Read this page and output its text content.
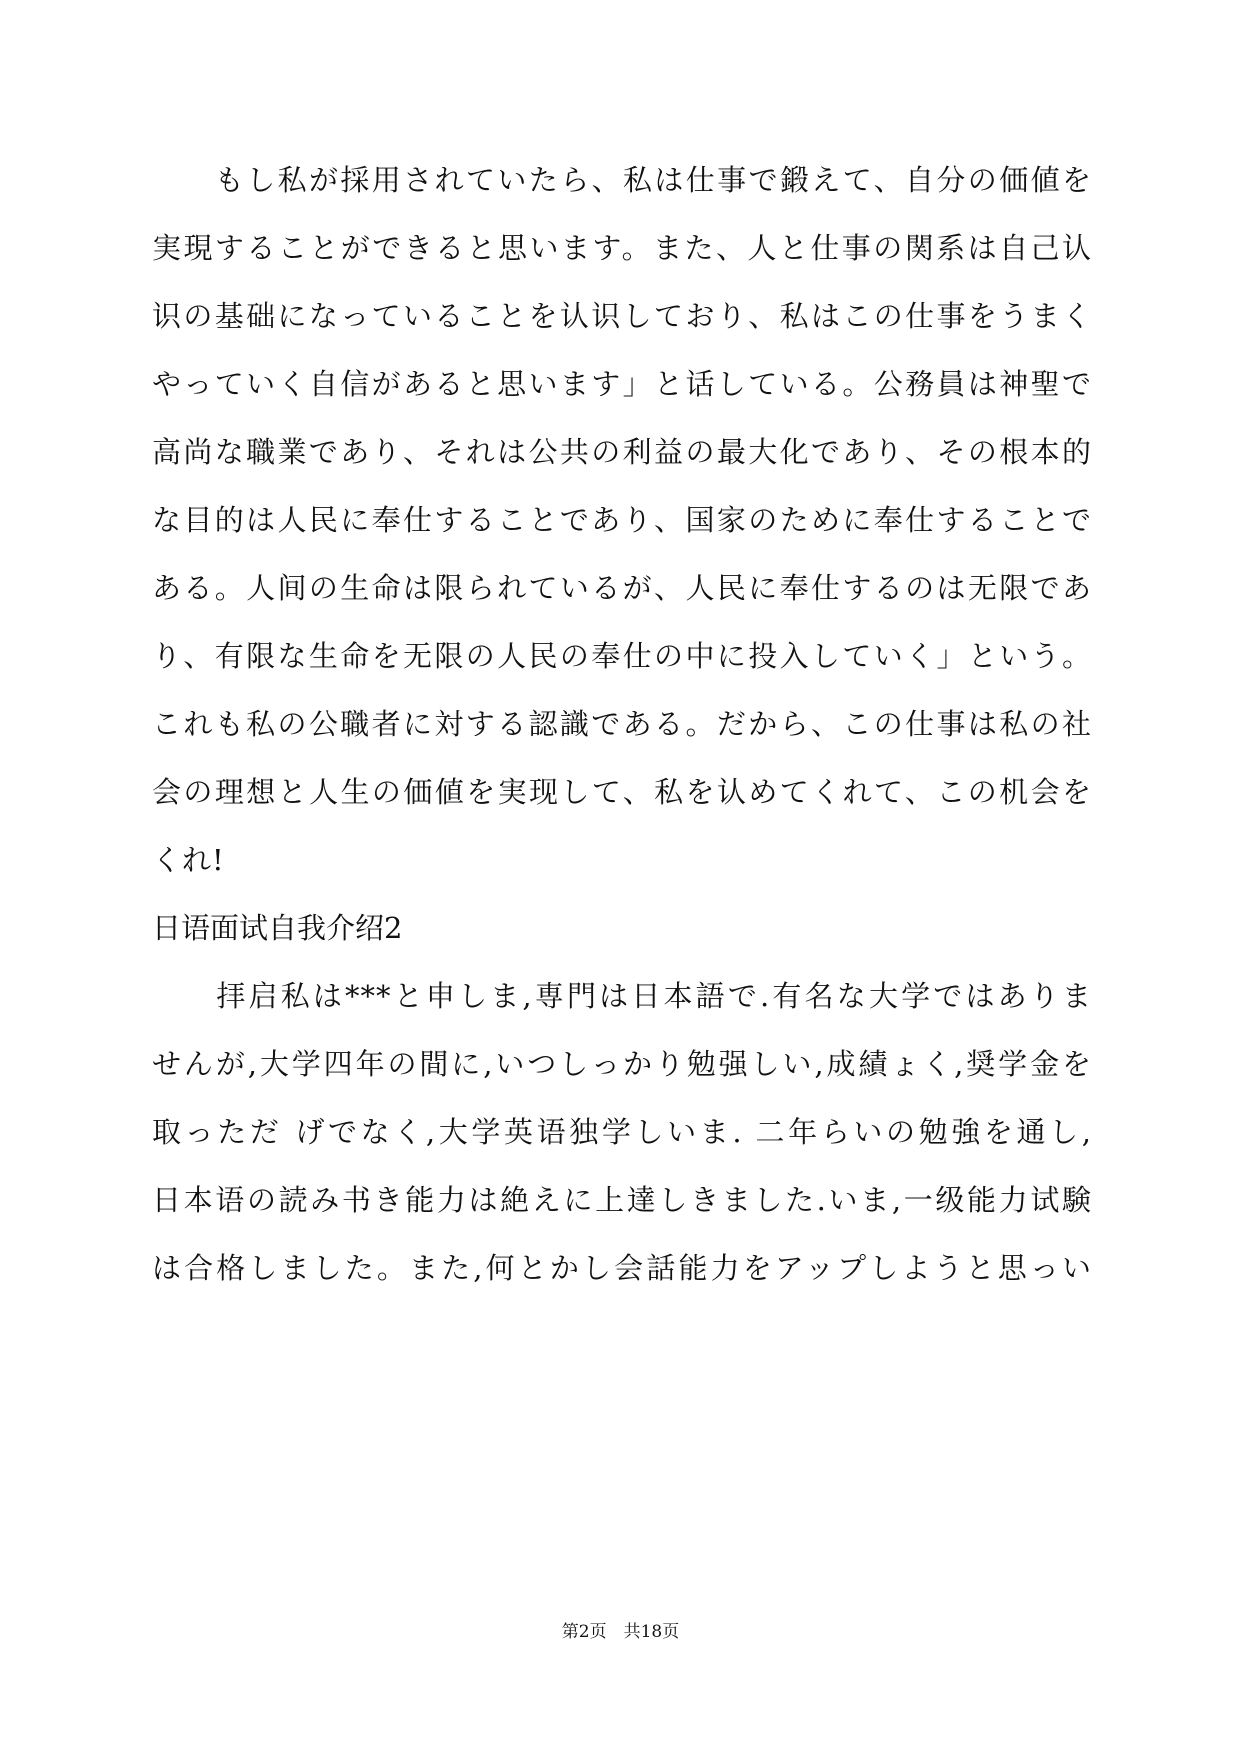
　　もし私が採用されていたら、私は仕事で鍛えて、自分の価値を
実現することができると思います。また、人と仕事の関系は自己认
识の基础になっていることを认识しており、私はこの仕事をうまく
やっていく自信があると思います」と话している。公務員は神聖で
高尚な職業であり、それは公共の利益の最大化であり、その根本的
な目的は人民に奉仕することであり、国家のために奉仕することで
ある。人间の生命は限られているが、人民に奉仕するのは无限であ
り、有限な生命を无限の人民の奉仕の中に投入していく」という。
これも私の公職者に対する認識である。だから、この仕事は私の社
会の理想と人生の価値を実现して、私を认めてくれて、この机会を
くれ!
日语面试自我介绍2
　　拝启私は***と申しま,専門は日本語で.有名な大学ではありま
せんが,大学四年の間に,いつしっかり勉强しい,成績ょく,奨学金を
取っただ げでなく,大学英语独学しいま. 二年らいの勉強を通し,
日本语の読み书き能力は絶えに上達しきました.いま,一级能力试験
は合格しました。また,何とかし会話能力をアップしようと思っい
第2页　共18页
